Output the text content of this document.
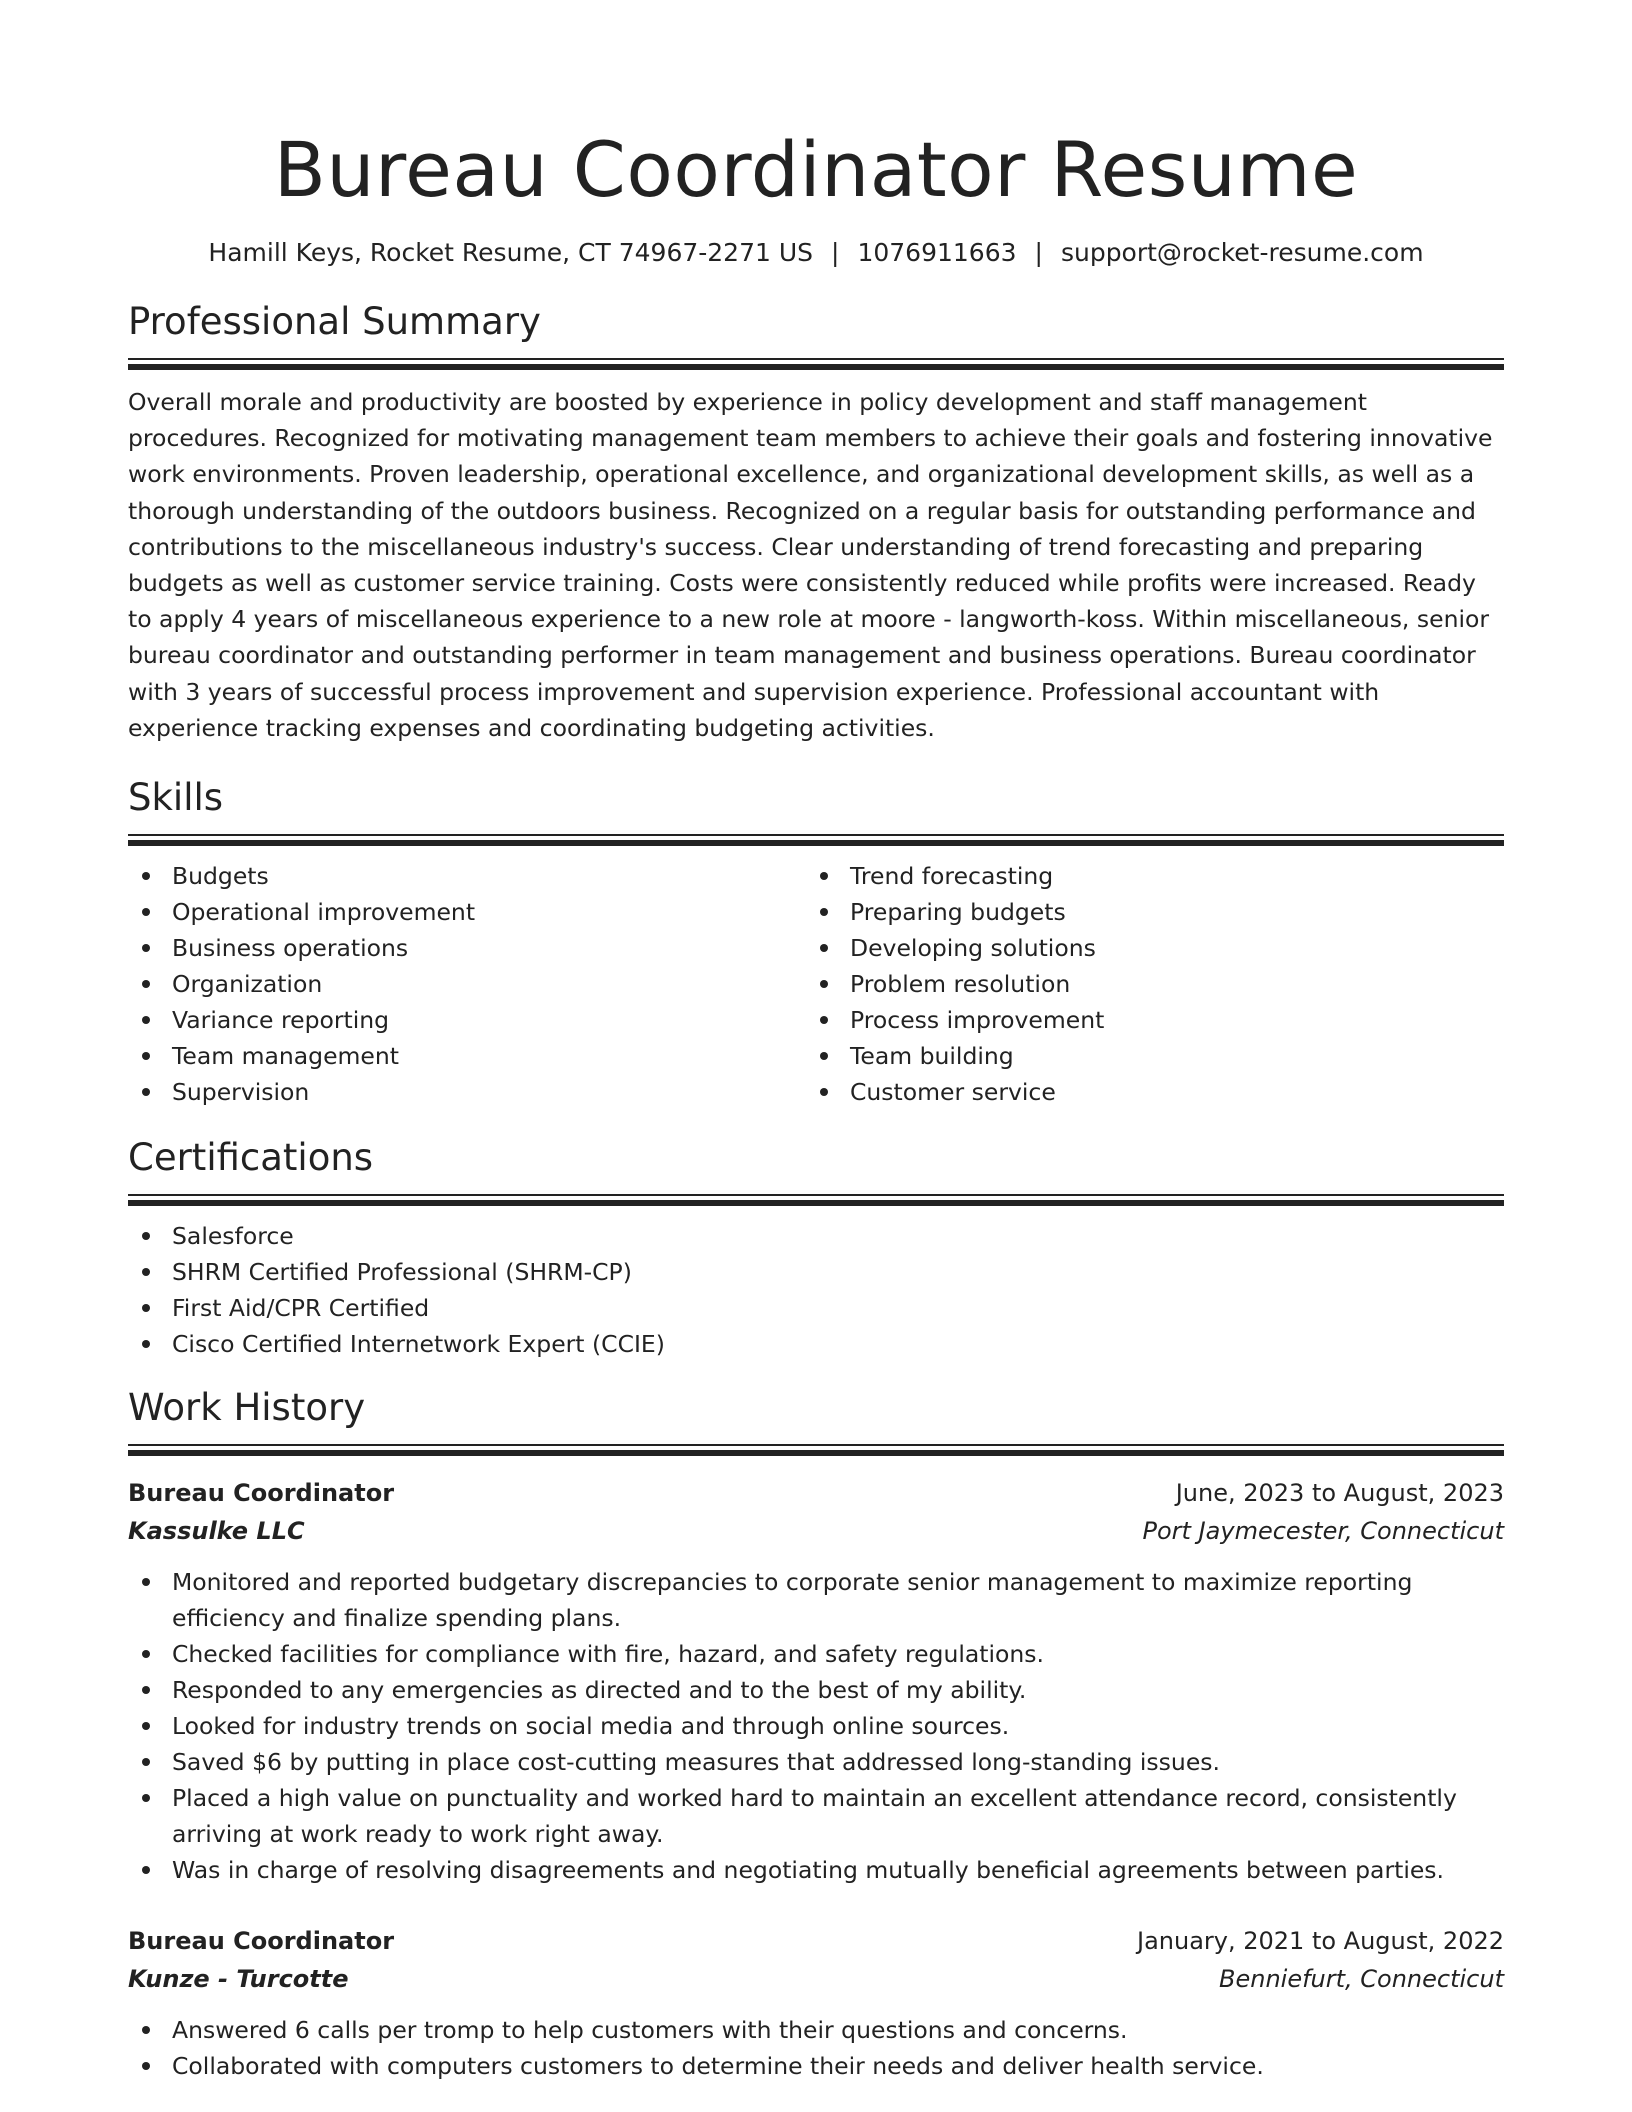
Bureau Coordinator Resume
Hamill Keys, Rocket Resume, CT 74967-2271 US | 1076911663 | support@rocket-resume.com
Professional Summary

Overall morale and productivity are boosted by experience in policy development and staff management procedures. Recognized for motivating management team members to achieve their goals and fostering innovative work environments. Proven leadership, operational excellence, and organizational development skills, as well as a thorough understanding of the outdoors business. Recognized on a regular basis for outstanding performance and contributions to the miscellaneous industry's success. Clear understanding of trend forecasting and preparing budgets as well as customer service training. Costs were consistently reduced while profits were increased. Ready to apply 4 years of miscellaneous experience to a new role at moore - langworth-koss. Within miscellaneous, senior bureau coordinator and outstanding performer in team management and business operations. Bureau coordinator with 3 years of successful process improvement and supervision experience. Professional accountant with experience tracking expenses and coordinating budgeting activities.

Skills
Budgets
Operational improvement
Business operations
Organization
Variance reporting
Team management
Supervision
Trend forecasting
Preparing budgets
Developing solutions
Problem resolution
Process improvement
Team building
Customer service
Certifications
Salesforce
SHRM Certified Professional (SHRM-CP)
First Aid/CPR Certified
Cisco Certified Internetwork Expert (CCIE)
Work History
Bureau Coordinator	June, 2023 to August, 2023
Kassulke LLC	Port Jaymecester, Connecticut
Monitored and reported budgetary discrepancies to corporate senior management to maximize reporting efficiency and finalize spending plans.
Checked facilities for compliance with fire, hazard, and safety regulations.
Responded to any emergencies as directed and to the best of my ability.
Looked for industry trends on social media and through online sources.
Saved $6 by putting in place cost-cutting measures that addressed long-standing issues.
Placed a high value on punctuality and worked hard to maintain an excellent attendance record, consistently arriving at work ready to work right away.
Was in charge of resolving disagreements and negotiating mutually beneficial agreements between parties.
Bureau Coordinator	January, 2021 to August, 2022
Kunze - Turcotte	Benniefurt, Connecticut
Answered 6 calls per tromp to help customers with their questions and concerns.
Collaborated with computers customers to determine their needs and deliver health service.
